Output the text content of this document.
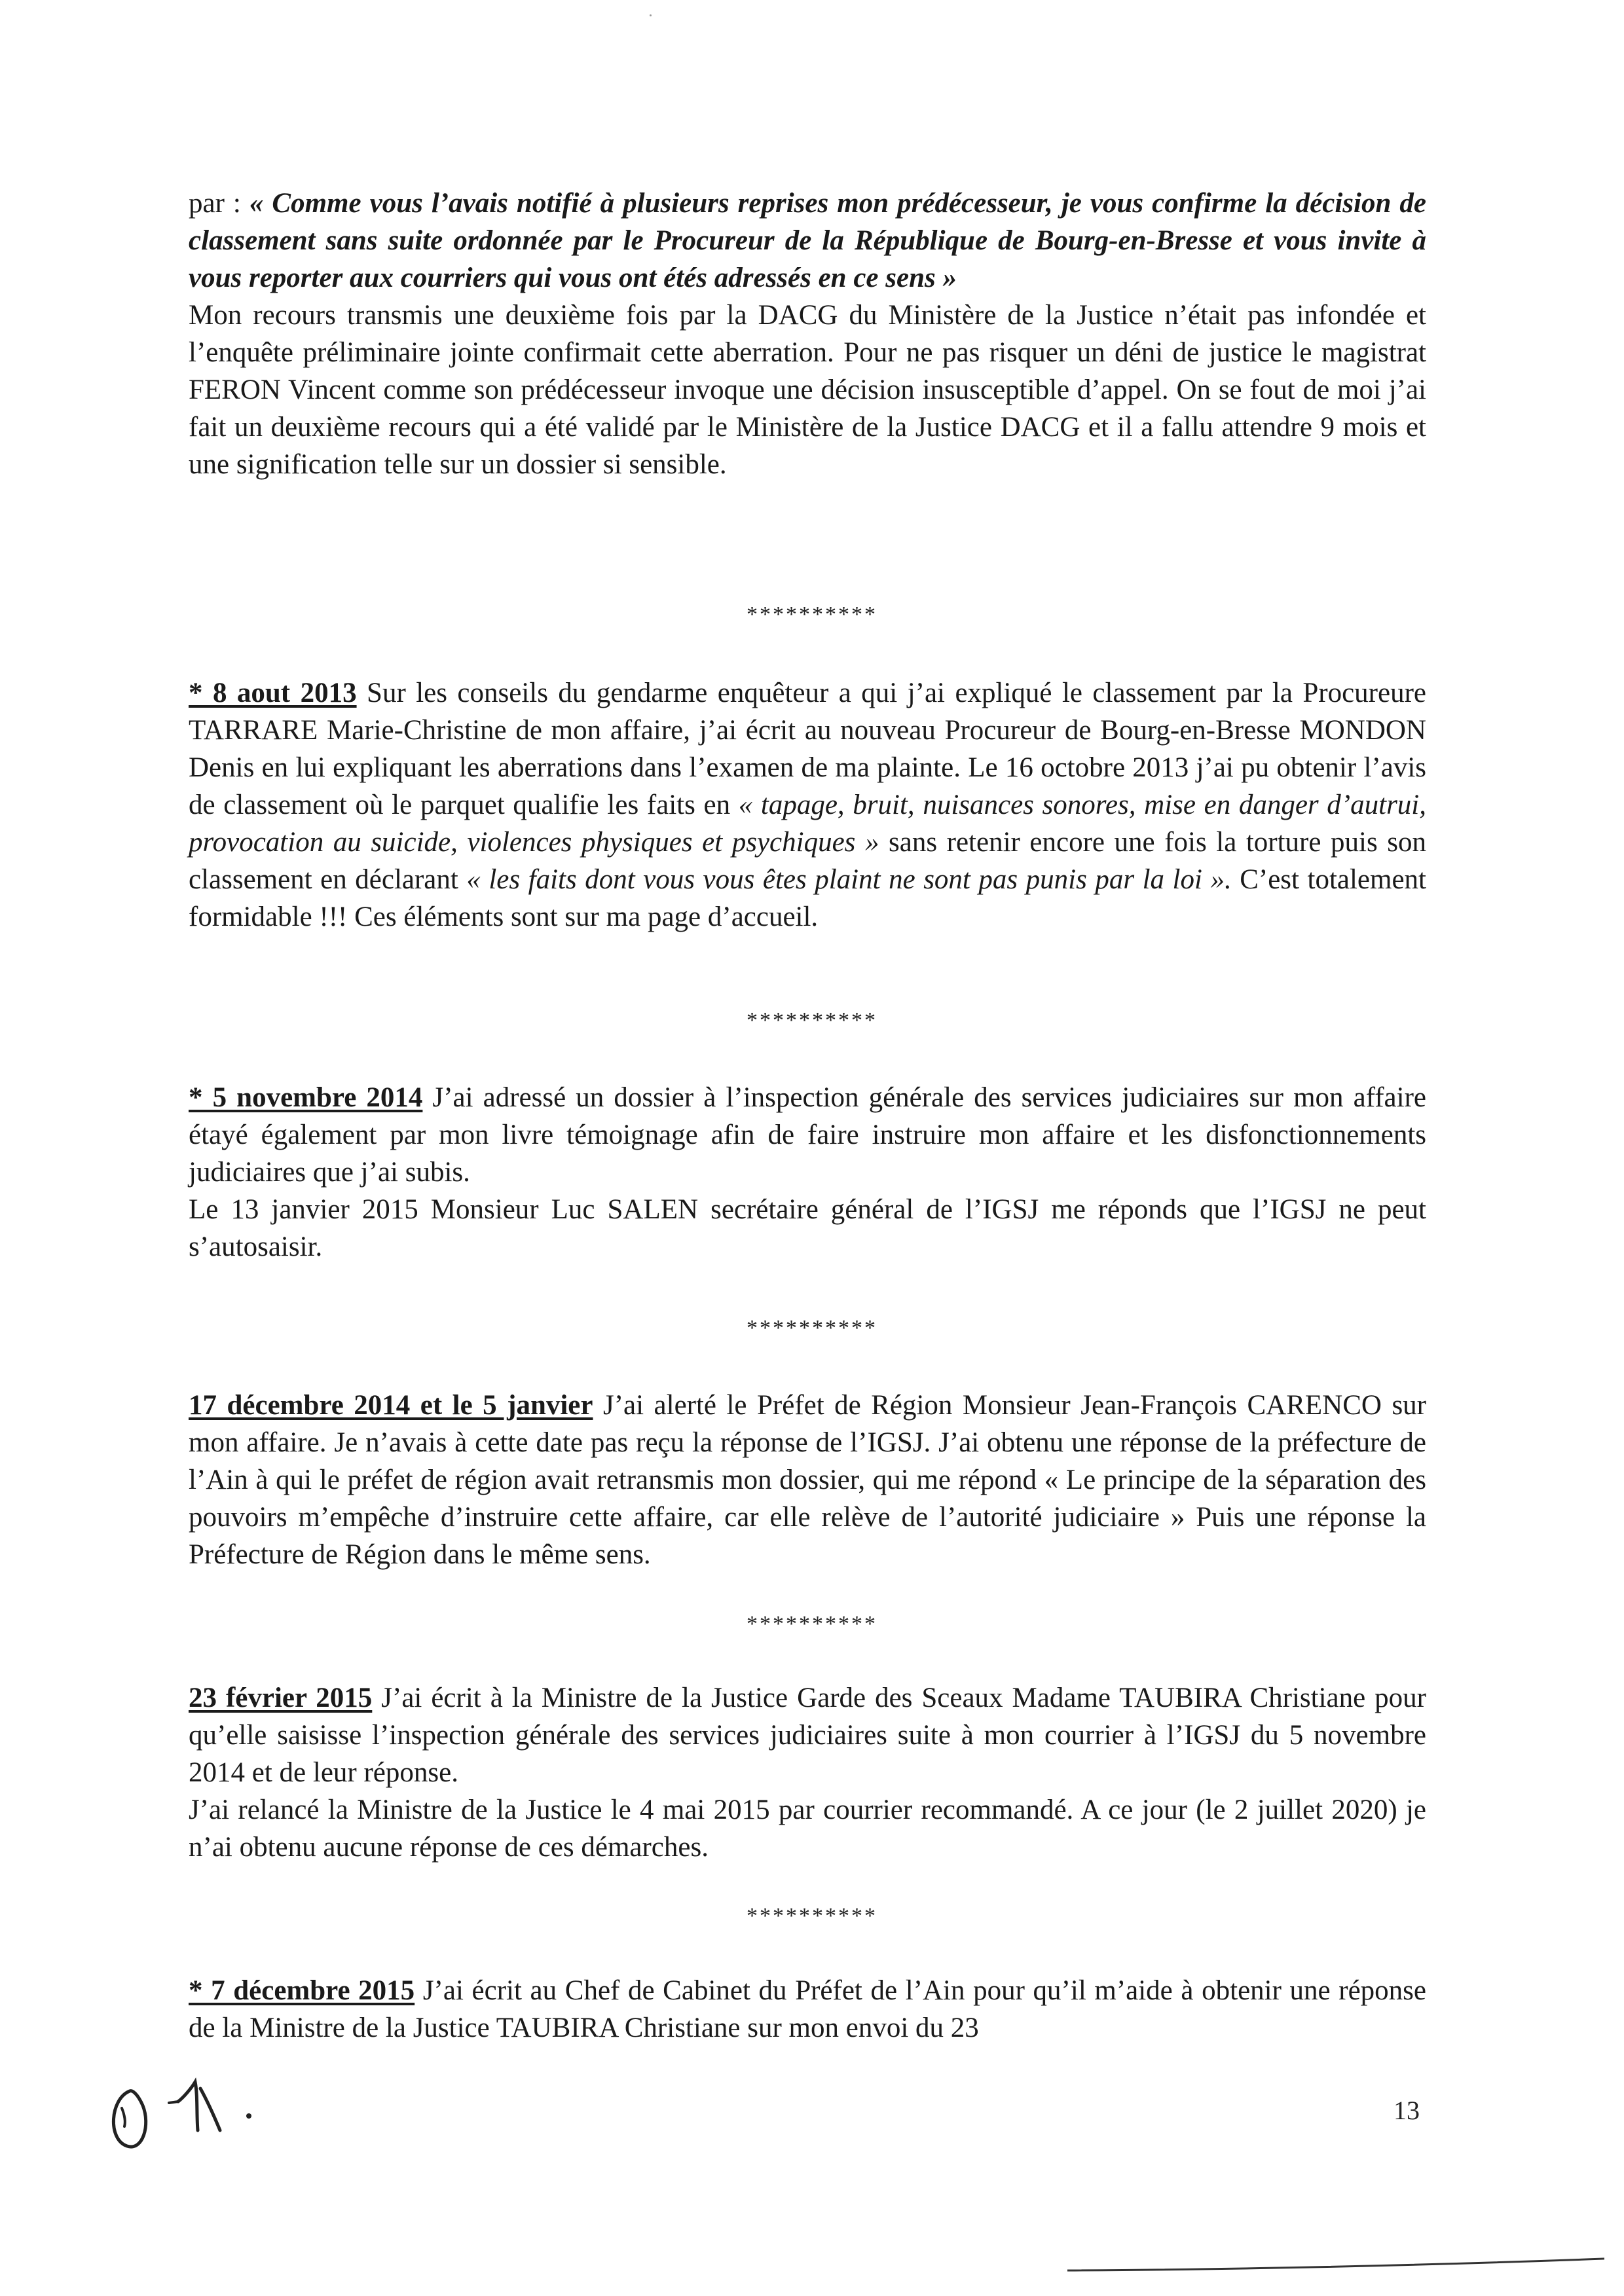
par : « Comme vous l’avais notifié à plusieurs reprises mon prédécesseur, je vous confirme la décision de classement sans suite ordonnée par le Procureur de la République de Bourg-en-Bresse et vous invite à vous reporter aux courriers qui vous ont étés adressés en ce sens »
Mon recours transmis une deuxième fois par la DACG du Ministère de la Justice n’était pas infondée et l’enquête préliminaire jointe confirmait cette aberration. Pour ne pas risquer un déni de justice le magistrat FERON Vincent comme son prédécesseur invoque une décision insusceptible d’appel. On se fout de moi j’ai fait un deuxième recours qui a été validé par le Ministère de la Justice DACG et il a fallu attendre 9 mois et une signification telle sur un dossier si sensible.

**********

* 8 aout 2013 Sur les conseils du gendarme enquêteur a qui j’ai expliqué le classement par la Procureure TARRARE Marie-Christine de mon affaire, j’ai écrit au nouveau Procureur de Bourg-en-Bresse MONDON Denis en lui expliquant les aberrations dans l’examen de ma plainte. Le 16 octobre 2013 j’ai pu obtenir l’avis de classement où le parquet qualifie les faits en « tapage, bruit, nuisances sonores, mise en danger d’autrui, provocation au suicide, violences physiques et psychiques » sans retenir encore une fois la torture puis son classement en déclarant « les faits dont vous vous êtes plaint ne sont pas punis par la loi ». C’est totalement formidable !!! Ces éléments sont sur ma page d’accueil.

**********

* 5 novembre 2014 J’ai adressé un dossier à l’inspection générale des services judiciaires sur mon affaire étayé également par mon livre témoignage afin de faire instruire mon affaire et les disfonctionnements judiciaires que j’ai subis.
Le 13 janvier 2015 Monsieur Luc SALEN secrétaire général de l’IGSJ me réponds que l’IGSJ ne peut s’autosaisir.

**********

17 décembre 2014 et le 5 janvier J’ai alerté le Préfet de Région Monsieur Jean-François CARENCO sur mon affaire. Je n’avais à cette date pas reçu la réponse de l’IGSJ. J’ai obtenu une réponse de la préfecture de l’Ain à qui le préfet de région avait retransmis mon dossier, qui me répond « Le principe de la séparation des pouvoirs m’empêche d’instruire cette affaire, car elle relève de l’autorité judiciaire » Puis une réponse la Préfecture de Région dans le même sens.

**********

23 février 2015 J’ai écrit à la Ministre de la Justice Garde des Sceaux Madame TAUBIRA Christiane pour qu’elle saisisse l’inspection générale des services judiciaires suite à mon courrier à l’IGSJ du 5 novembre 2014 et de leur réponse.
J’ai relancé la Ministre de la Justice le 4 mai 2015 par courrier recommandé. A ce jour (le 2 juillet 2020) je n’ai obtenu aucune réponse de ces démarches.

**********

* 7 décembre 2015 J’ai écrit au Chef de Cabinet du Préfet de l’Ain pour qu’il m’aide à obtenir une réponse de la Ministre de la Justice TAUBIRA Christiane sur mon envoi du 23

13
